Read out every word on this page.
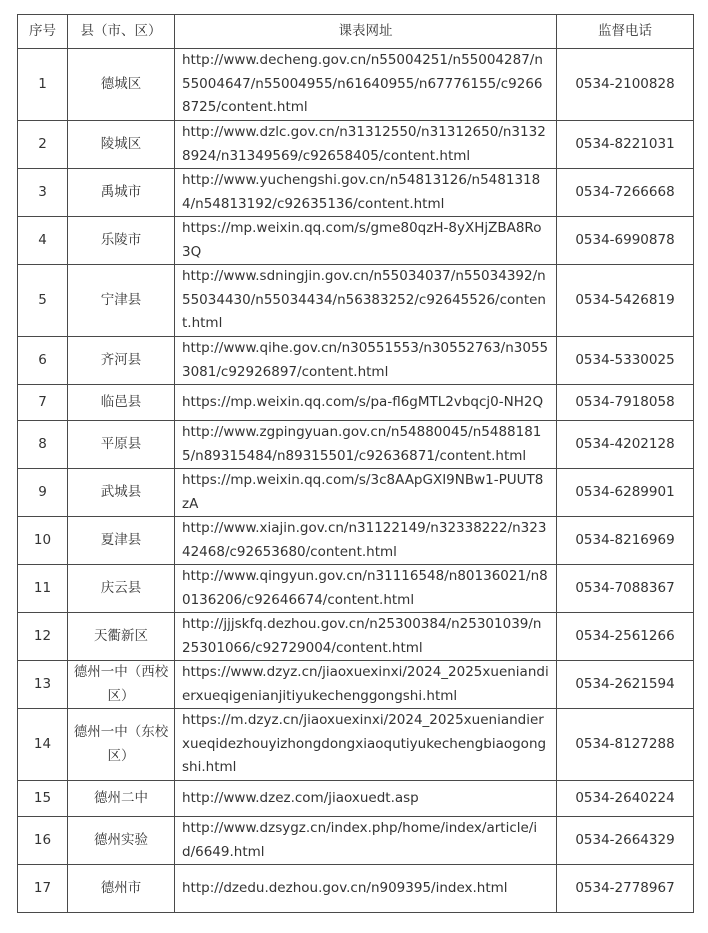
序号	县（市、区）	课表网址	监督电话
1	德城区	http://www.decheng.gov.cn/n55004251/n55004287/n55004647/n55004955/n61640955/n67776155/c92668725/content.html	0534-2100828
2	陵城区	http://www.dzlc.gov.cn/n31312550/n31312650/n31328924/n31349569/c92658405/content.html	0534-8221031
3	禹城市	http://www.yuchengshi.gov.cn/n54813126/n54813184/n54813192/c92635136/content.html	0534-7266668
4	乐陵市	https://mp.weixin.qq.com/s/gme80qzH-8yXHjZBA8Ro3Q	0534-6990878
5	宁津县	http://www.sdningjin.gov.cn/n55034037/n55034392/n55034430/n55034434/n56383252/c92645526/content.html	0534-5426819
6	齐河县	http://www.qihe.gov.cn/n30551553/n30552763/n30553081/c92926897/content.html	0534-5330025
7	临邑县	https://mp.weixin.qq.com/s/pa-fl6gMTL2vbqcj0-NH2Q	0534-7918058
8	平原县	http://www.zgpingyuan.gov.cn/n54880045/n54881815/n89315484/n89315501/c92636871/content.html	0534-4202128
9	武城县	https://mp.weixin.qq.com/s/3c8AApGXI9NBw1-PUUT8zA	0534-6289901
10	夏津县	http://www.xiajin.gov.cn/n31122149/n32338222/n32342468/c92653680/content.html	0534-8216969
11	庆云县	http://www.qingyun.gov.cn/n31116548/n80136021/n80136206/c92646674/content.html	0534-7088367
12	天衢新区	http://jjjskfq.dezhou.gov.cn/n25300384/n25301039/n25301066/c92729004/content.html	0534-2561266
13	德州一中（西校区）	https://www.dzyz.cn/jiaoxuexinxi/2024_2025xueniandierxueqigenianjitiyukechenggongshi.html	0534-2621594
14	德州一中（东校区）	https://m.dzyz.cn/jiaoxuexinxi/2024_2025xueniandierxueqidezhouyizhongdongxiaoqutiyukechengbiaogongshi.html	0534-8127288
15	德州二中	http://www.dzez.com/jiaoxuedt.asp	0534-2640224
16	德州实验	http://www.dzsygz.cn/index.php/home/index/article/id/6649.html	0534-2664329
17	德州市	http://dzedu.dezhou.gov.cn/n909395/index.html	0534-2778967
